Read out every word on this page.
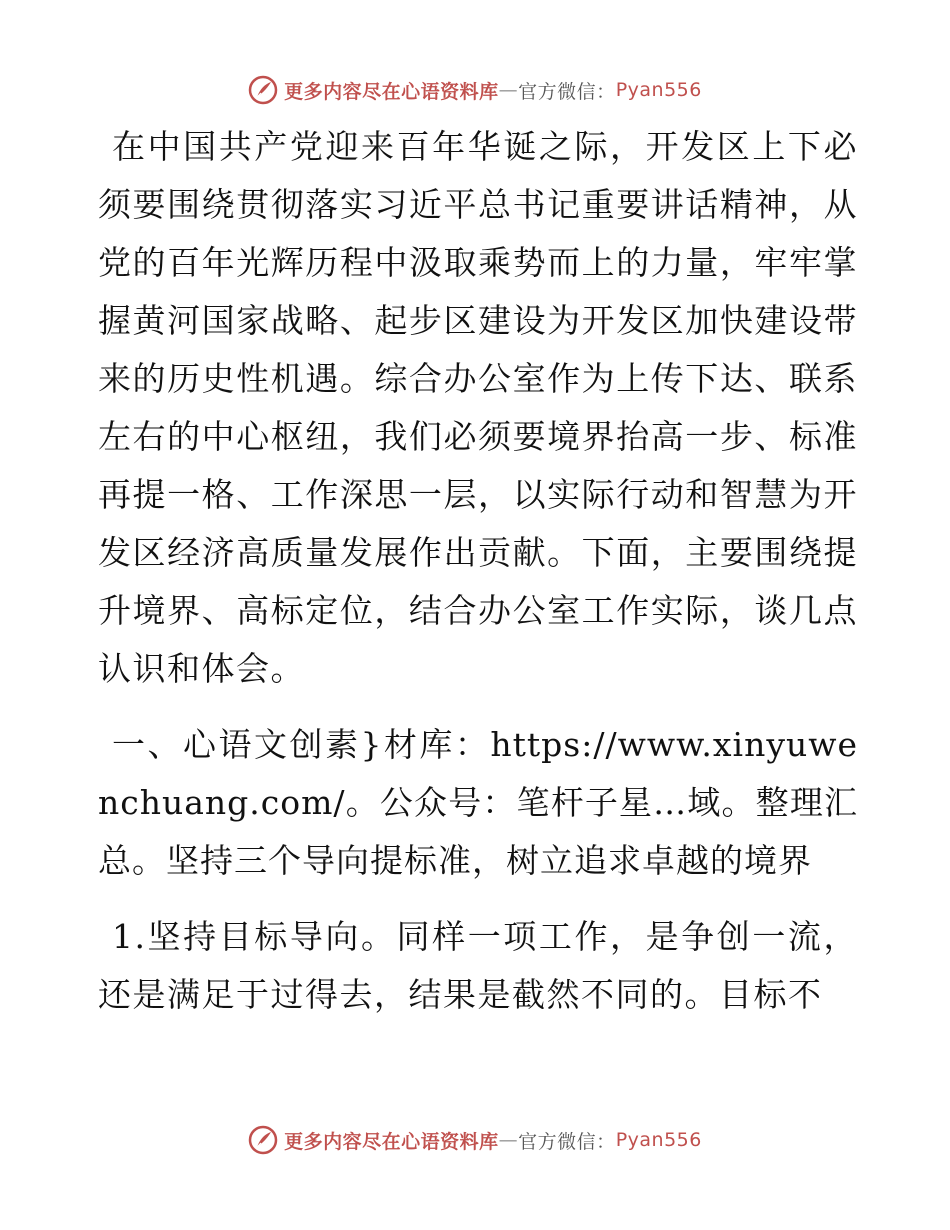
更多内容尽在心语资料库 — 官方微信： Pyan556

在中国共产党迎来百年华诞之际，开发区上下必须要围绕贯彻落实习近平总书记重要讲话精神，从党的百年光辉历程中汲取乘势而上的力量，牢牢掌握黄河国家战略、起步区建设为开发区加快建设带来的历史性机遇。综合办公室作为上传下达、联系左右的中心枢纽，我们必须要境界抬高一步、标准再提一格、工作深思一层，以实际行动和智慧为开发区经济高质量发展作出贡献。下面，主要围绕提升境界、高标定位，结合办公室工作实际，谈几点认识和体会。

一、心语文创素}材库：https://www.xinyuwenchuang.com/。公众号：笔杆子星…域。整理汇总。坚持三个导向提标准，树立追求卓越的境界

1.坚持目标导向。同样一项工作，是争创一流，还是满足于过得去，结果是截然不同的。目标不

更多内容尽在心语资料库 — 官方微信： Pyan556
